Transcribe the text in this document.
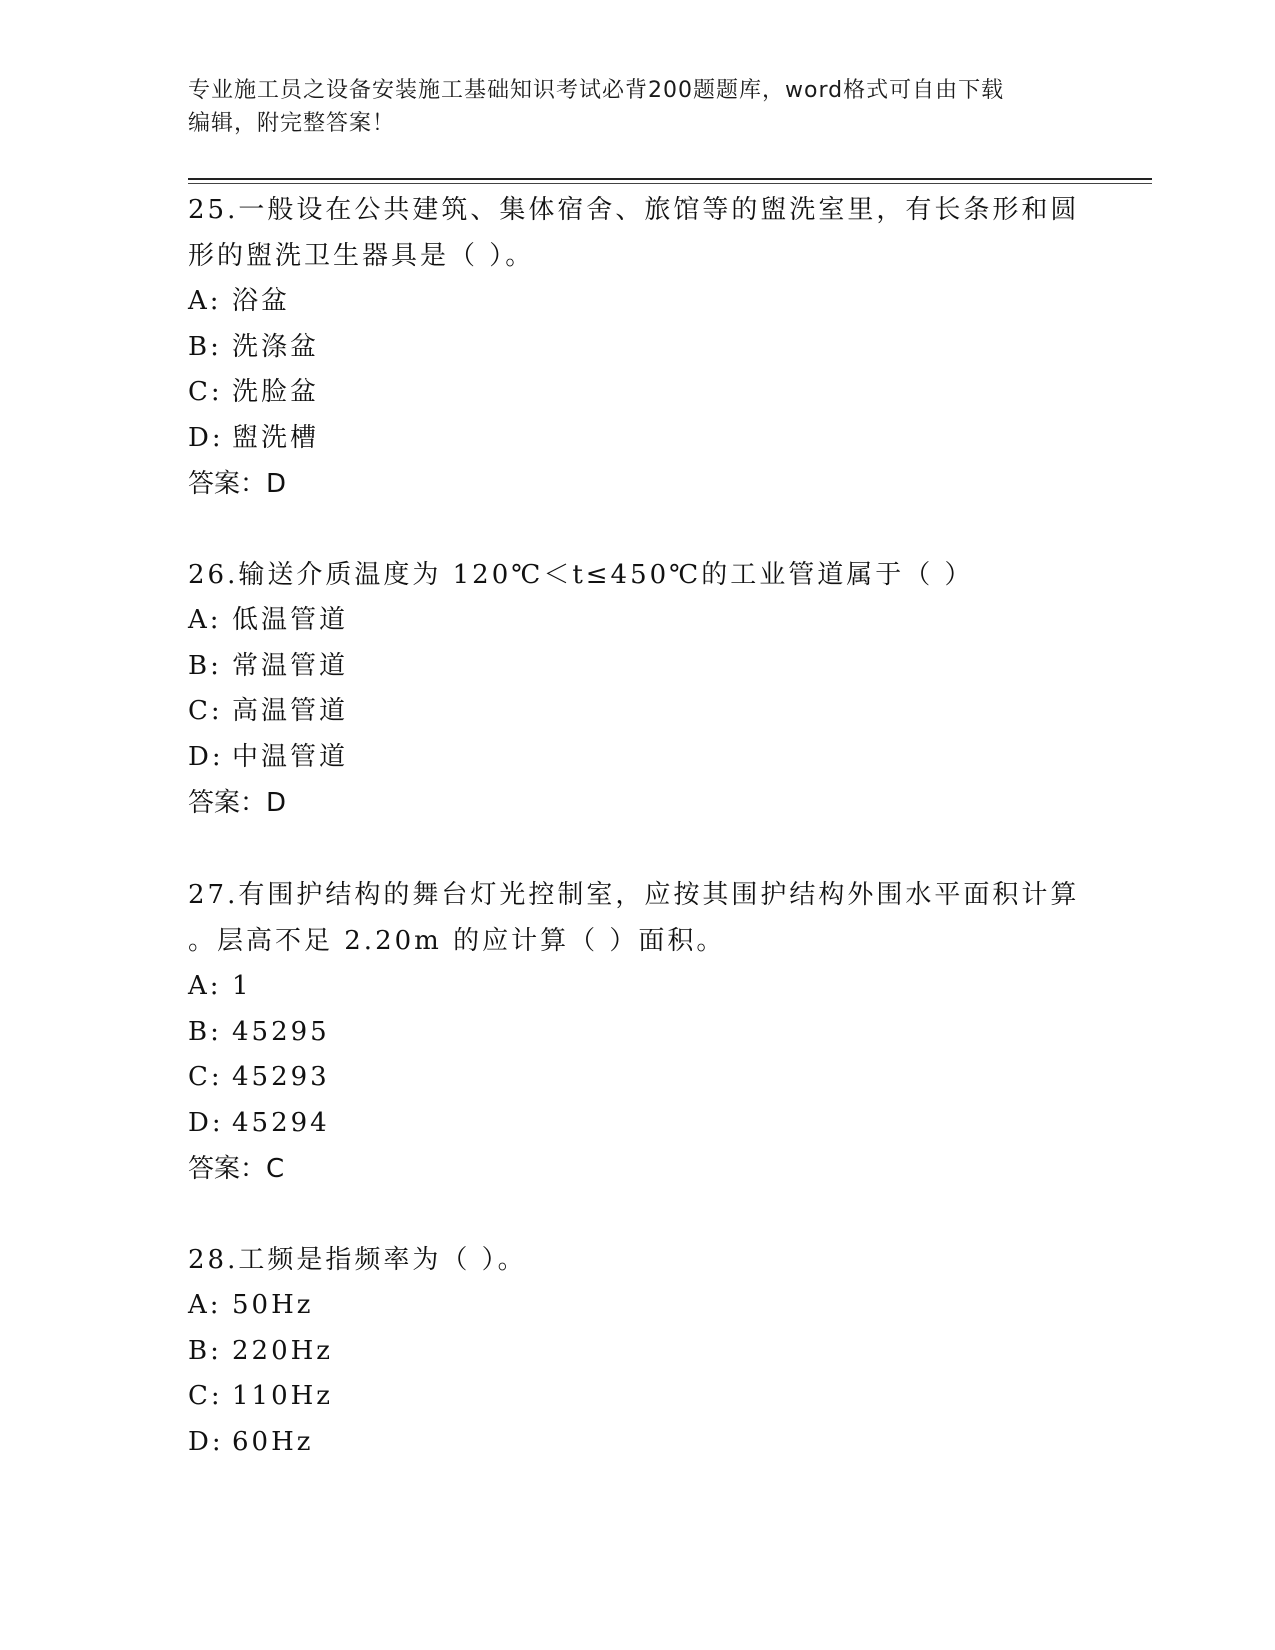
专业施工员之设备安装施工基础知识考试必背200题题库，word格式可自由下载
编辑，附完整答案！

25.一般设在公共建筑、集体宿舍、旅馆等的盥洗室里，有长条形和圆

形的盥洗卫生器具是（ ）。

A: 浴盆

B: 洗涤盆

C: 洗脸盆

D: 盥洗槽

答案：D

26.输送介质温度为 120℃＜t≤450℃的工业管道属于（ ）

A: 低温管道

B: 常温管道

C: 高温管道

D: 中温管道

答案：D

27.有围护结构的舞台灯光控制室，应按其围护结构外围水平面积计算

。层高不足 2.20m 的应计算（ ）面积。

A: 1

B: 45295

C: 45293

D: 45294

答案：C

28.工频是指频率为（ ）。

A: 50Hz

B: 220Hz

C: 110Hz

D: 60Hz
